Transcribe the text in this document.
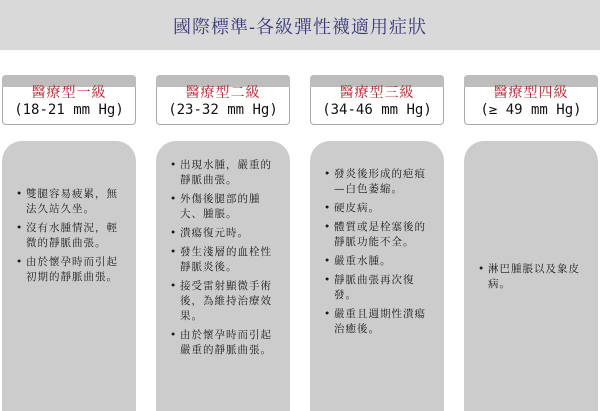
國際標準-各級彈性襪適用症狀
醫療型一級
(18-21 mm Hg)
• 雙腿容易疲累，無法久站久坐。
• 沒有水腫情況，輕微的靜脈曲張。
• 由於懷孕時而引起初期的靜脈曲張。
醫療型二級
(23-32 mm Hg)
• 出現水腫，嚴重的靜脈曲張。
• 外傷後腿部的腫大、腫脹。
• 潰瘍復元時。
• 發生淺層的血栓性靜脈炎後。
• 接受雷射顯微手術後，為維持治療效果。
• 由於懷孕時而引起嚴重的靜脈曲張。
醫療型三級
(34-46 mm Hg)
• 發炎後形成的疤痕—白色萎縮。
• 硬皮病。
• 體質或是栓塞後的靜脈功能不全。
• 嚴重水腫。
• 靜脈曲張再次復發。
• 嚴重且週期性潰瘍治癒後。
醫療型四級
(≥ 49 mm Hg)
• 淋巴腫脹以及象皮病。
